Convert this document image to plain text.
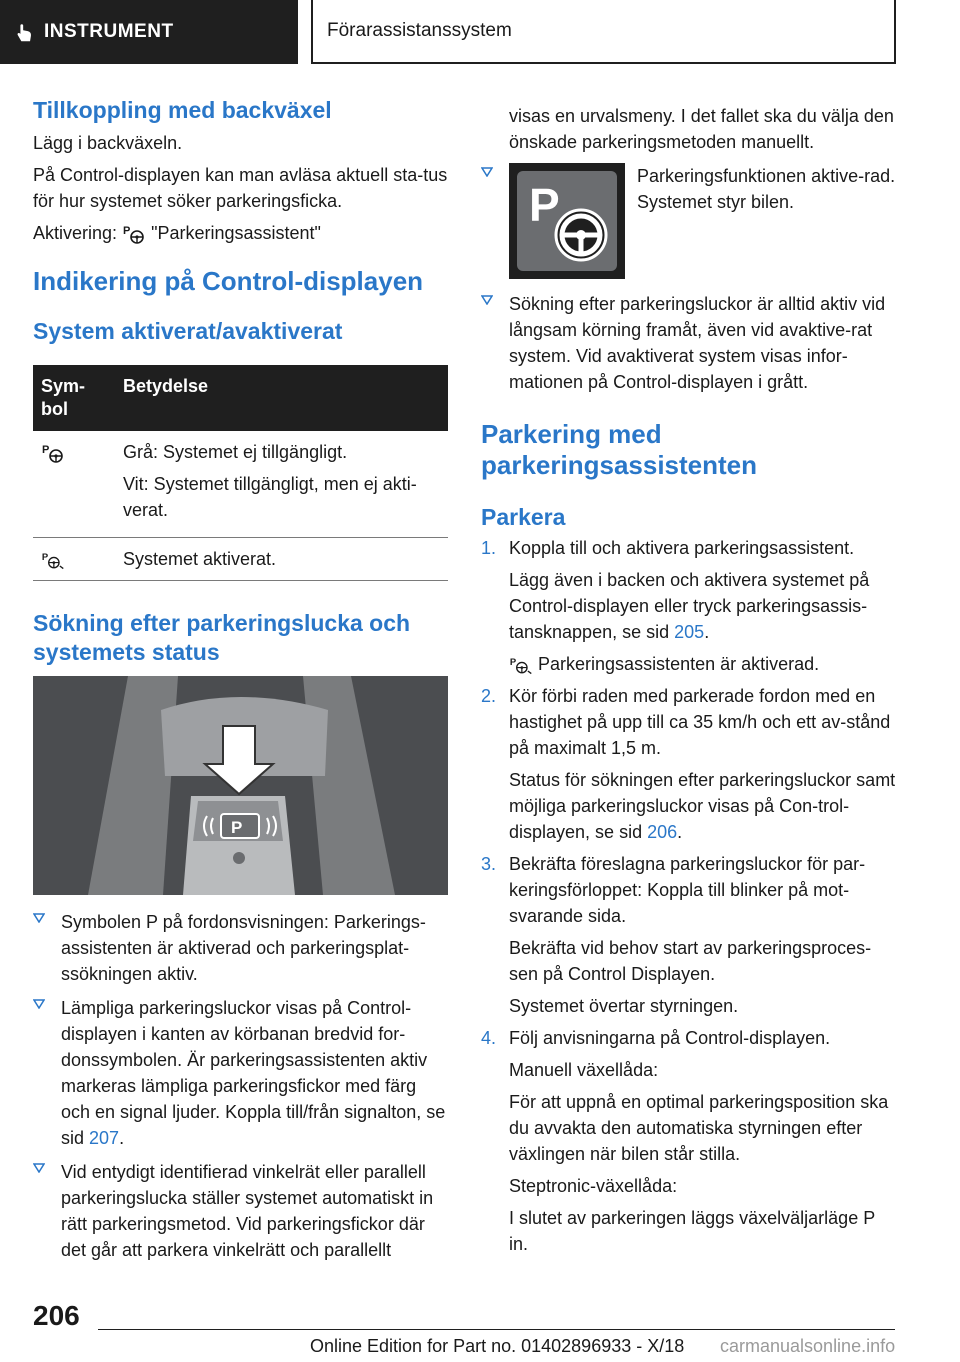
INSTRUMENT	Förarassistanssystem
Tillkoppling med backväxel

Lägg i backväxeln.

På Control-displayen kan man avläsa aktuell sta-tus för hur systemet söker parkeringsficka.

Aktivering: P "Parkeringsassistent"

Indikering på Control-displayen
System aktiverat/avaktiverat
Sym-bol	Betydelse

P	Grå: Systemet ej tillgängligt.

Vit: Systemet tillgängligt, men ej akti-verat.

P	Systemet aktiverat.
Sökning efter parkeringslucka och systemets status
P
Symbolen P på fordonsvisningen: Parkerings-assistenten är aktiverad och parkeringsplat-ssökningen aktiv.
Lämpliga parkeringsluckor visas på Control-displayen i kanten av körbanan bredvid for-donssymbolen. Är parkeringsassistenten aktiv markeras lämpliga parkeringsfickor med färg och en signal ljuder. Koppla till/från signalton, se sid 207.
Vid entydigt identifierad vinkelrät eller parallell parkeringslucka ställer systemet automatiskt in rätt parkeringsmetod. Vid parkeringsfickor där det går att parkera vinkelrätt och parallellt

visas en urvalsmeny. I det fallet ska du välja den önskade parkeringsmetoden manuellt.

P
Parkeringsfunktionen aktive-rad. Systemet styr bilen.
Sökning efter parkeringsluckor är alltid aktiv vid långsam körning framåt, även vid avaktive-rat system. Vid avaktiverat system visas infor-mationen på Control-displayen i grått.
Parkering med parkeringsassistenten
Parkera
1. Koppla till och aktivera parkeringsassistent.
Lägg även i backen och aktivera systemet på Control-displayen eller tryck parkeringsassis-tansknappen, se sid 205.
P Parkeringsassistenten är aktiverad.
2. Kör förbi raden med parkerade fordon med en hastighet på upp till ca 35 km/h och ett av-stånd på maximalt 1,5 m.
Status för sökningen efter parkeringsluckor samt möjliga parkeringsluckor visas på Con-trol-displayen, se sid 206.
3. Bekräfta föreslagna parkeringsluckor för par-keringsförloppet: Koppla till blinker på mot-svarande sida.
Bekräfta vid behov start av parkeringsproces-sen på Control Displayen.
Systemet övertar styrningen.
4. Följ anvisningarna på Control-displayen.
Manuell växellåda:
För att uppnå en optimal parkeringsposition ska du avvakta den automatiska styrningen efter växlingen när bilen står stilla.
Steptronic-växellåda:
I slutet av parkeringen läggs växelväljarläge P in.
206
Online Edition for Part no. 01402896933 - X/18 carmanualsonline.info
